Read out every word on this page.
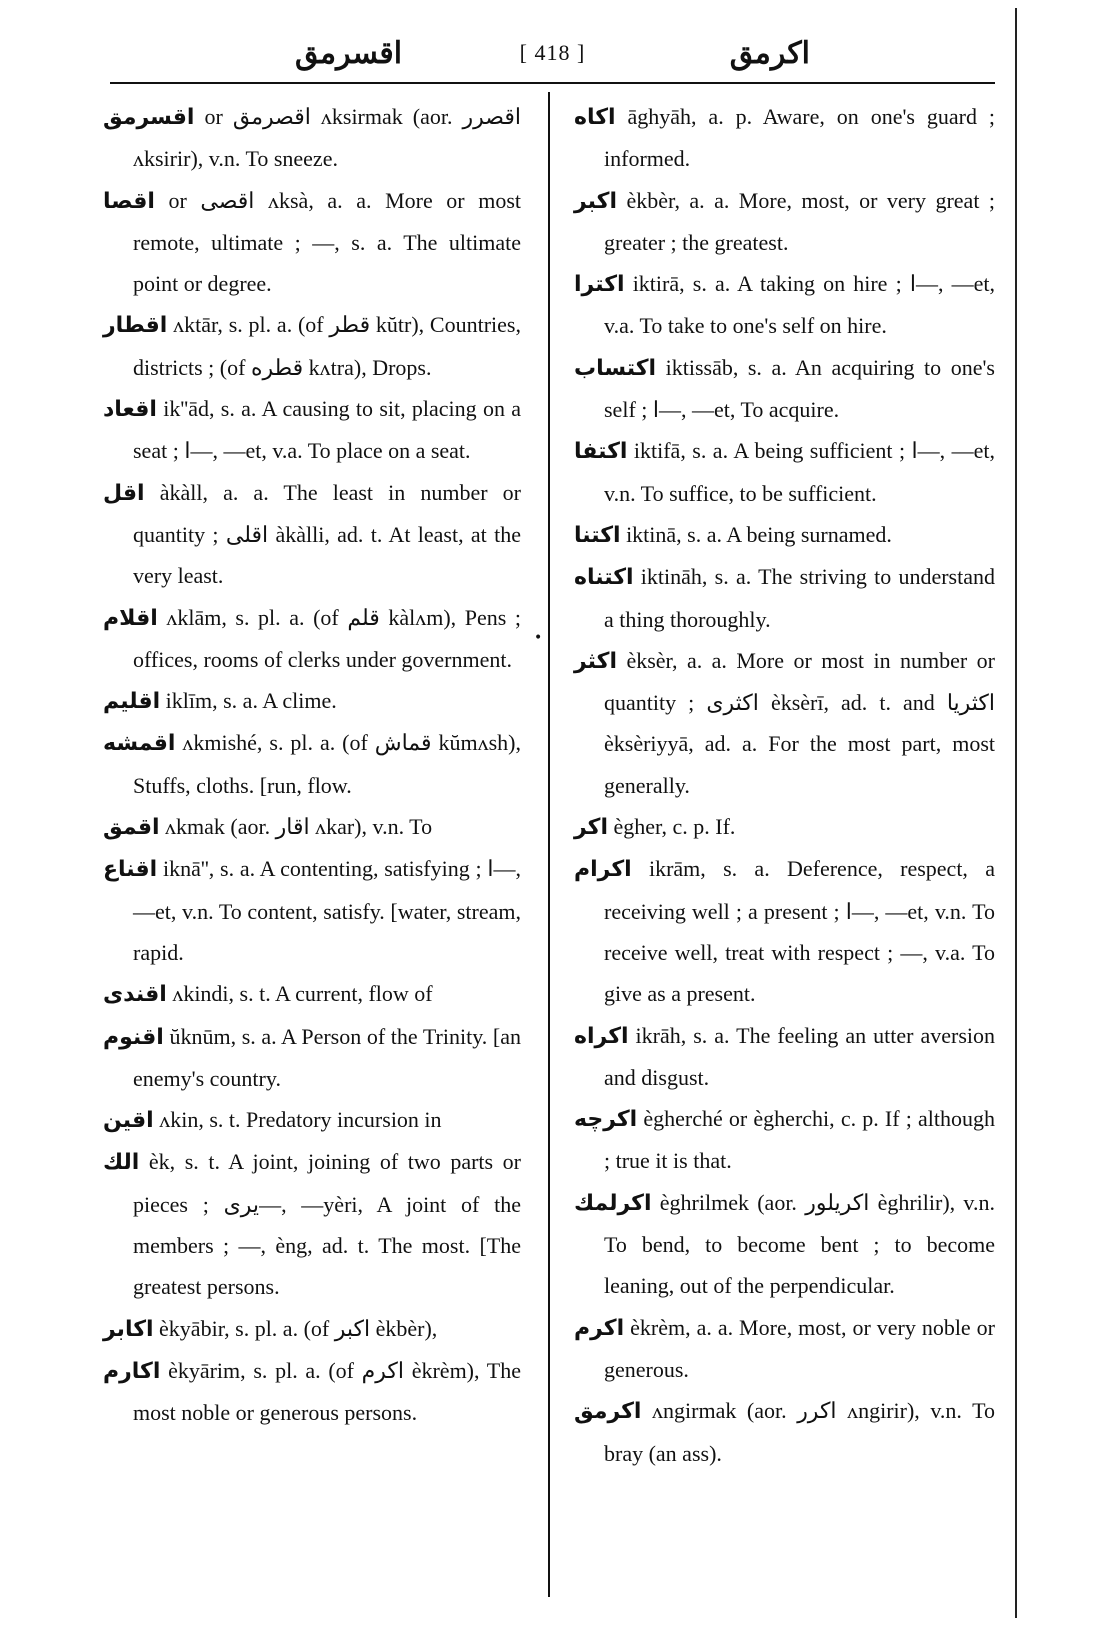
اقسرمق	[ 418 ]	اكرمق
•

اقسرمق or اقصرمق ʌksirmak (aor. اقصرر ʌksirir), v.n. To sneeze.

اقصا or اقصى ʌksà, a. a. More or most remote, ultimate ; —, s. a. The ultimate point or degree.

اقطار ʌktār, s. pl. a. (of قطر kŭtr), Countries, districts ; (of قطره kʌtra), Drops.

اقعاد ik''ād, s. a. A causing to sit, placing on a seat ; ا—, —et, v.a. To place on a seat.

اقل àkàll, a. a. The least in number or quantity ; اقلى àkàlli, ad. t. At least, at the very least.

اقلام ʌklām, s. pl. a. (of قلم kàlʌm), Pens ; offices, rooms of clerks under government.

اقليم iklīm, s. a. A clime.

اقمشه ʌkmishé, s. pl. a. (of قماش kŭmʌsh), Stuffs, cloths. [run, flow.

اقمق ʌkmak (aor. اقار ʌkar), v.n. To

اقناع iknā'', s. a. A contenting, satisfying ; ا—, —et, v.n. To content, satisfy. [water, stream, rapid.

اقندى ʌkindi, s. t. A current, flow of

اقنوم ŭknūm, s. a. A Person of the Trinity. [an enemy's country.

اقين ʌkin, s. t. Predatory incursion in

الك èk, s. t. A joint, joining of two parts or pieces ; يرى—, —yèri, A joint of the members ; —, èng, ad. t. The most. [The greatest persons.

اكابر èkyābir, s. pl. a. (of اكبر èkbèr),

اكارم èkyārim, s. pl. a. (of اكرم èkrèm), The most noble or generous persons.

اكاه āghyāh, a. p. Aware, on one's guard ; informed.

اكبر èkbèr, a. a. More, most, or very great ; greater ; the greatest.

اكترا iktirā, s. a. A taking on hire ; ا—, —et, v.a. To take to one's self on hire.

اكتساب iktissāb, s. a. An acquiring to one's self ; ا—, —et, To acquire.

اكتفا iktifā, s. a. A being sufficient ; ا—, —et, v.n. To suffice, to be sufficient.

اكتنا iktinā, s. a. A being surnamed.

اكتناه iktināh, s. a. The striving to understand a thing thoroughly.

اكثر èksèr, a. a. More or most in number or quantity ; اكثرى èksèrī, ad. t. and اكثريا èksèriyyā, ad. a. For the most part, most generally.

اكر ègher, c. p. If.

اكرام ikrām, s. a. Deference, respect, a receiving well ; a present ; ا—, —et, v.n. To receive well, treat with respect ; —, v.a. To give as a present.

اكراه ikrāh, s. a. The feeling an utter aversion and disgust.

اكرچه ègherché or ègherchi, c. p. If ; although ; true it is that.

اكرلمك èghrilmek (aor. اكريلور èghrilir), v.n. To bend, to become bent ; to become leaning, out of the perpendicular.

اكرم èkrèm, a. a. More, most, or very noble or generous.

اكرمق ʌngirmak (aor. اكرر ʌngirir), v.n. To bray (an ass).
